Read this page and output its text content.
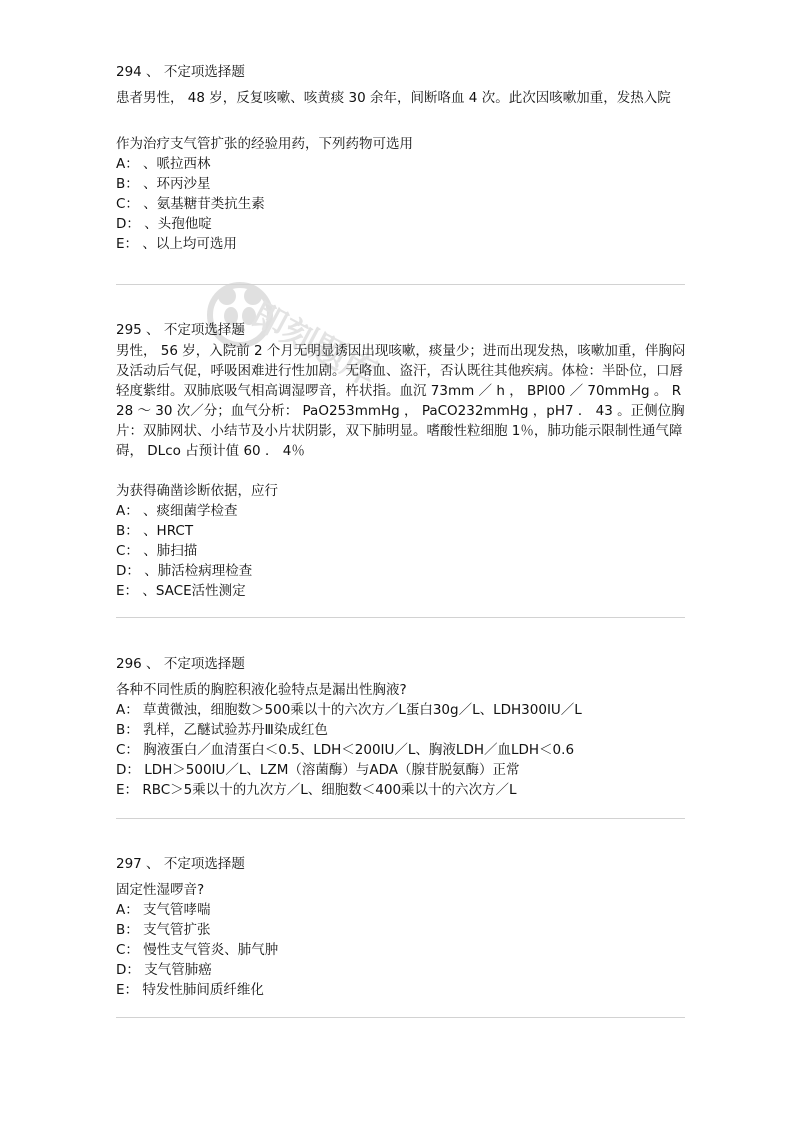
即刻题库
294 、 不定项选择题
患者男性， 48 岁，反复咳嗽、咳黄痰 30 余年，间断咯血 4 次。此次因咳嗽加重，发热入院
作为治疗支气管扩张的经验用药，下列药物可选用
A： 、哌拉西林
B： 、环丙沙星
C： 、氨基糖苷类抗生素
D： 、头孢他啶
E： 、以上均可选用
295 、 不定项选择题
男性， 56 岁，入院前 2 个月无明显诱因出现咳嗽，痰量少；进而出现发热，咳嗽加重，伴胸闷及活动后气促，呼吸困难进行性加剧。无咯血、盗汗，否认既往其他疾病。体检：半卧位，口唇轻度紫绀。双肺底吸气相高调湿啰音，杵状指。血沉 73mm ／ h ， BPl00 ／ 70mmHg 。 R28 ～ 30 次／分；血气分析： PaO253mmHg ， PaCO232mmHg ，pH7 ． 43 。正侧位胸片：双肺网状、小结节及小片状阴影，双下肺明显。嗜酸性粒细胞 1％，肺功能示限制性通气障碍， DLco 占预计值 60 ． 4％
为获得确凿诊断依据，应行
A： 、痰细菌学检查
B： 、HRCT
C： 、肺扫描
D： 、肺活检病理检查
E： 、SACE活性测定
296 、 不定项选择题
各种不同性质的胸腔积液化验特点是漏出性胸液?
A： 草黄微浊，细胞数＞500乘以十的六次方／L蛋白30g／L、LDH300IU／L
B： 乳样，乙醚试验苏丹Ⅲ染成红色
C： 胸液蛋白／血清蛋白＜0.5、LDH＜200IU／L、胸液LDH／血LDH＜0.6
D： LDH＞500IU／L、LZM（溶菌酶）与ADA（腺苷脱氨酶）正常
E： RBC＞5乘以十的九次方／L、细胞数＜400乘以十的六次方／L
297 、 不定项选择题
固定性湿啰音?
A： 支气管哮喘
B： 支气管扩张
C： 慢性支气管炎、肺气肿
D： 支气管肺癌
E： 特发性肺间质纤维化
